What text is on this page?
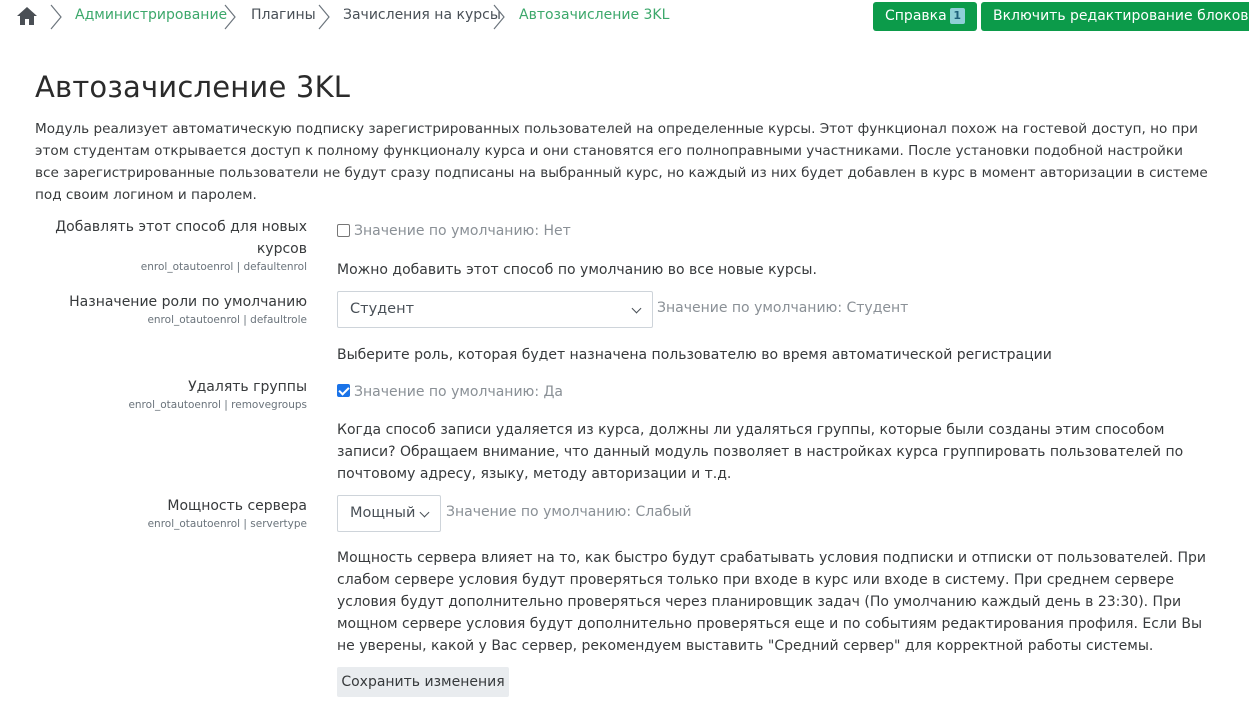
Администрирование Плагины Зачисления на курсы Автозачисление 3KL	Справка 1	Включить редактирование блоков
Автозачисление 3KL
Модуль реализует автоматическую подписку зарегистрированных пользователей на определенные курсы. Этот функционал похож на гостевой доступ, но при этом студентам открывается доступ к полному функционалу курса и они становятся его полноправными участниками. После установки подобной настройки все зарегистрированные пользователи не будут сразу подписаны на выбранный курс, но каждый из них будет добавлен в курс в момент авторизации в системе под своим логином и паролем.
Добавлять этот способ для новых курсов
enrol_otautoenrol | defaultenrol
Значение по умолчанию: Нет
Можно добавить этот способ по умолчанию во все новые курсы.
Назначение роли по умолчанию
enrol_otautoenrol | defaultrole
Студент	Значение по умолчанию: Студент
Выберите роль, которая будет назначена пользователю во время автоматической регистрации
Удалять группы
enrol_otautoenrol | removegroups
Значение по умолчанию: Да
Когда способ записи удаляется из курса, должны ли удаляться группы, которые были созданы этим способом записи? Обращаем внимание, что данный модуль позволяет в настройках курса группировать пользователей по почтовому адресу, языку, методу авторизации и т.д.
Мощность сервера
enrol_otautoenrol | servertype
Мощный	Значение по умолчанию: Слабый
Мощность сервера влияет на то, как быстро будут срабатывать условия подписки и отписки от пользователей. При слабом сервере условия будут проверяться только при входе в курс или входе в систему. При среднем сервере условия будут дополнительно проверяться через планировщик задач (По умолчанию каждый день в 23:30). При мощном сервере условия будут дополнительно проверяться еще и по событиям редактирования профиля. Если Вы не уверены, какой у Вас сервер, рекомендуем выставить "Средний сервер" для корректной работы системы.
Сохранить изменения
